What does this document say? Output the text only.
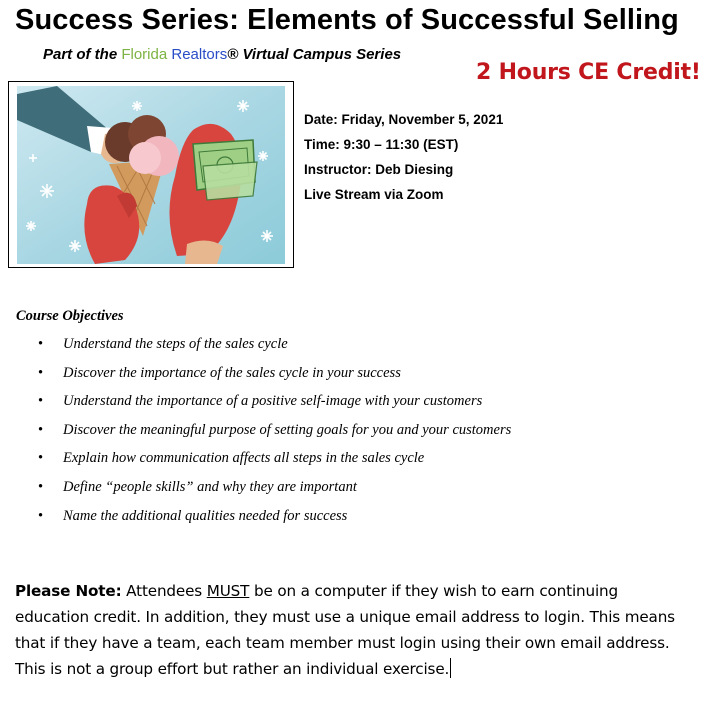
Success Series: Elements of Successful Selling
Part of the Florida Realtors® Virtual Campus Series
2 Hours CE Credit!
Date: Friday, November 5, 2021
Time: 9:30 – 11:30 (EST)
Instructor: Deb Diesing
Live Stream via Zoom
Course Objectives
• Understand the steps of the sales cycle
• Discover the importance of the sales cycle in your success
• Understand the importance of a positive self-image with your customers
• Discover the meaningful purpose of setting goals for you and your customers
• Explain how communication affects all steps in the sales cycle
• Define “people skills” and why they are important
• Name the additional qualities needed for success
Please Note: Attendees MUST be on a computer if they wish to earn continuing education credit. In addition, they must use a unique email address to login. This means that if they have a team, each team member must login using their own email address. This is not a group effort but rather an individual exercise.
